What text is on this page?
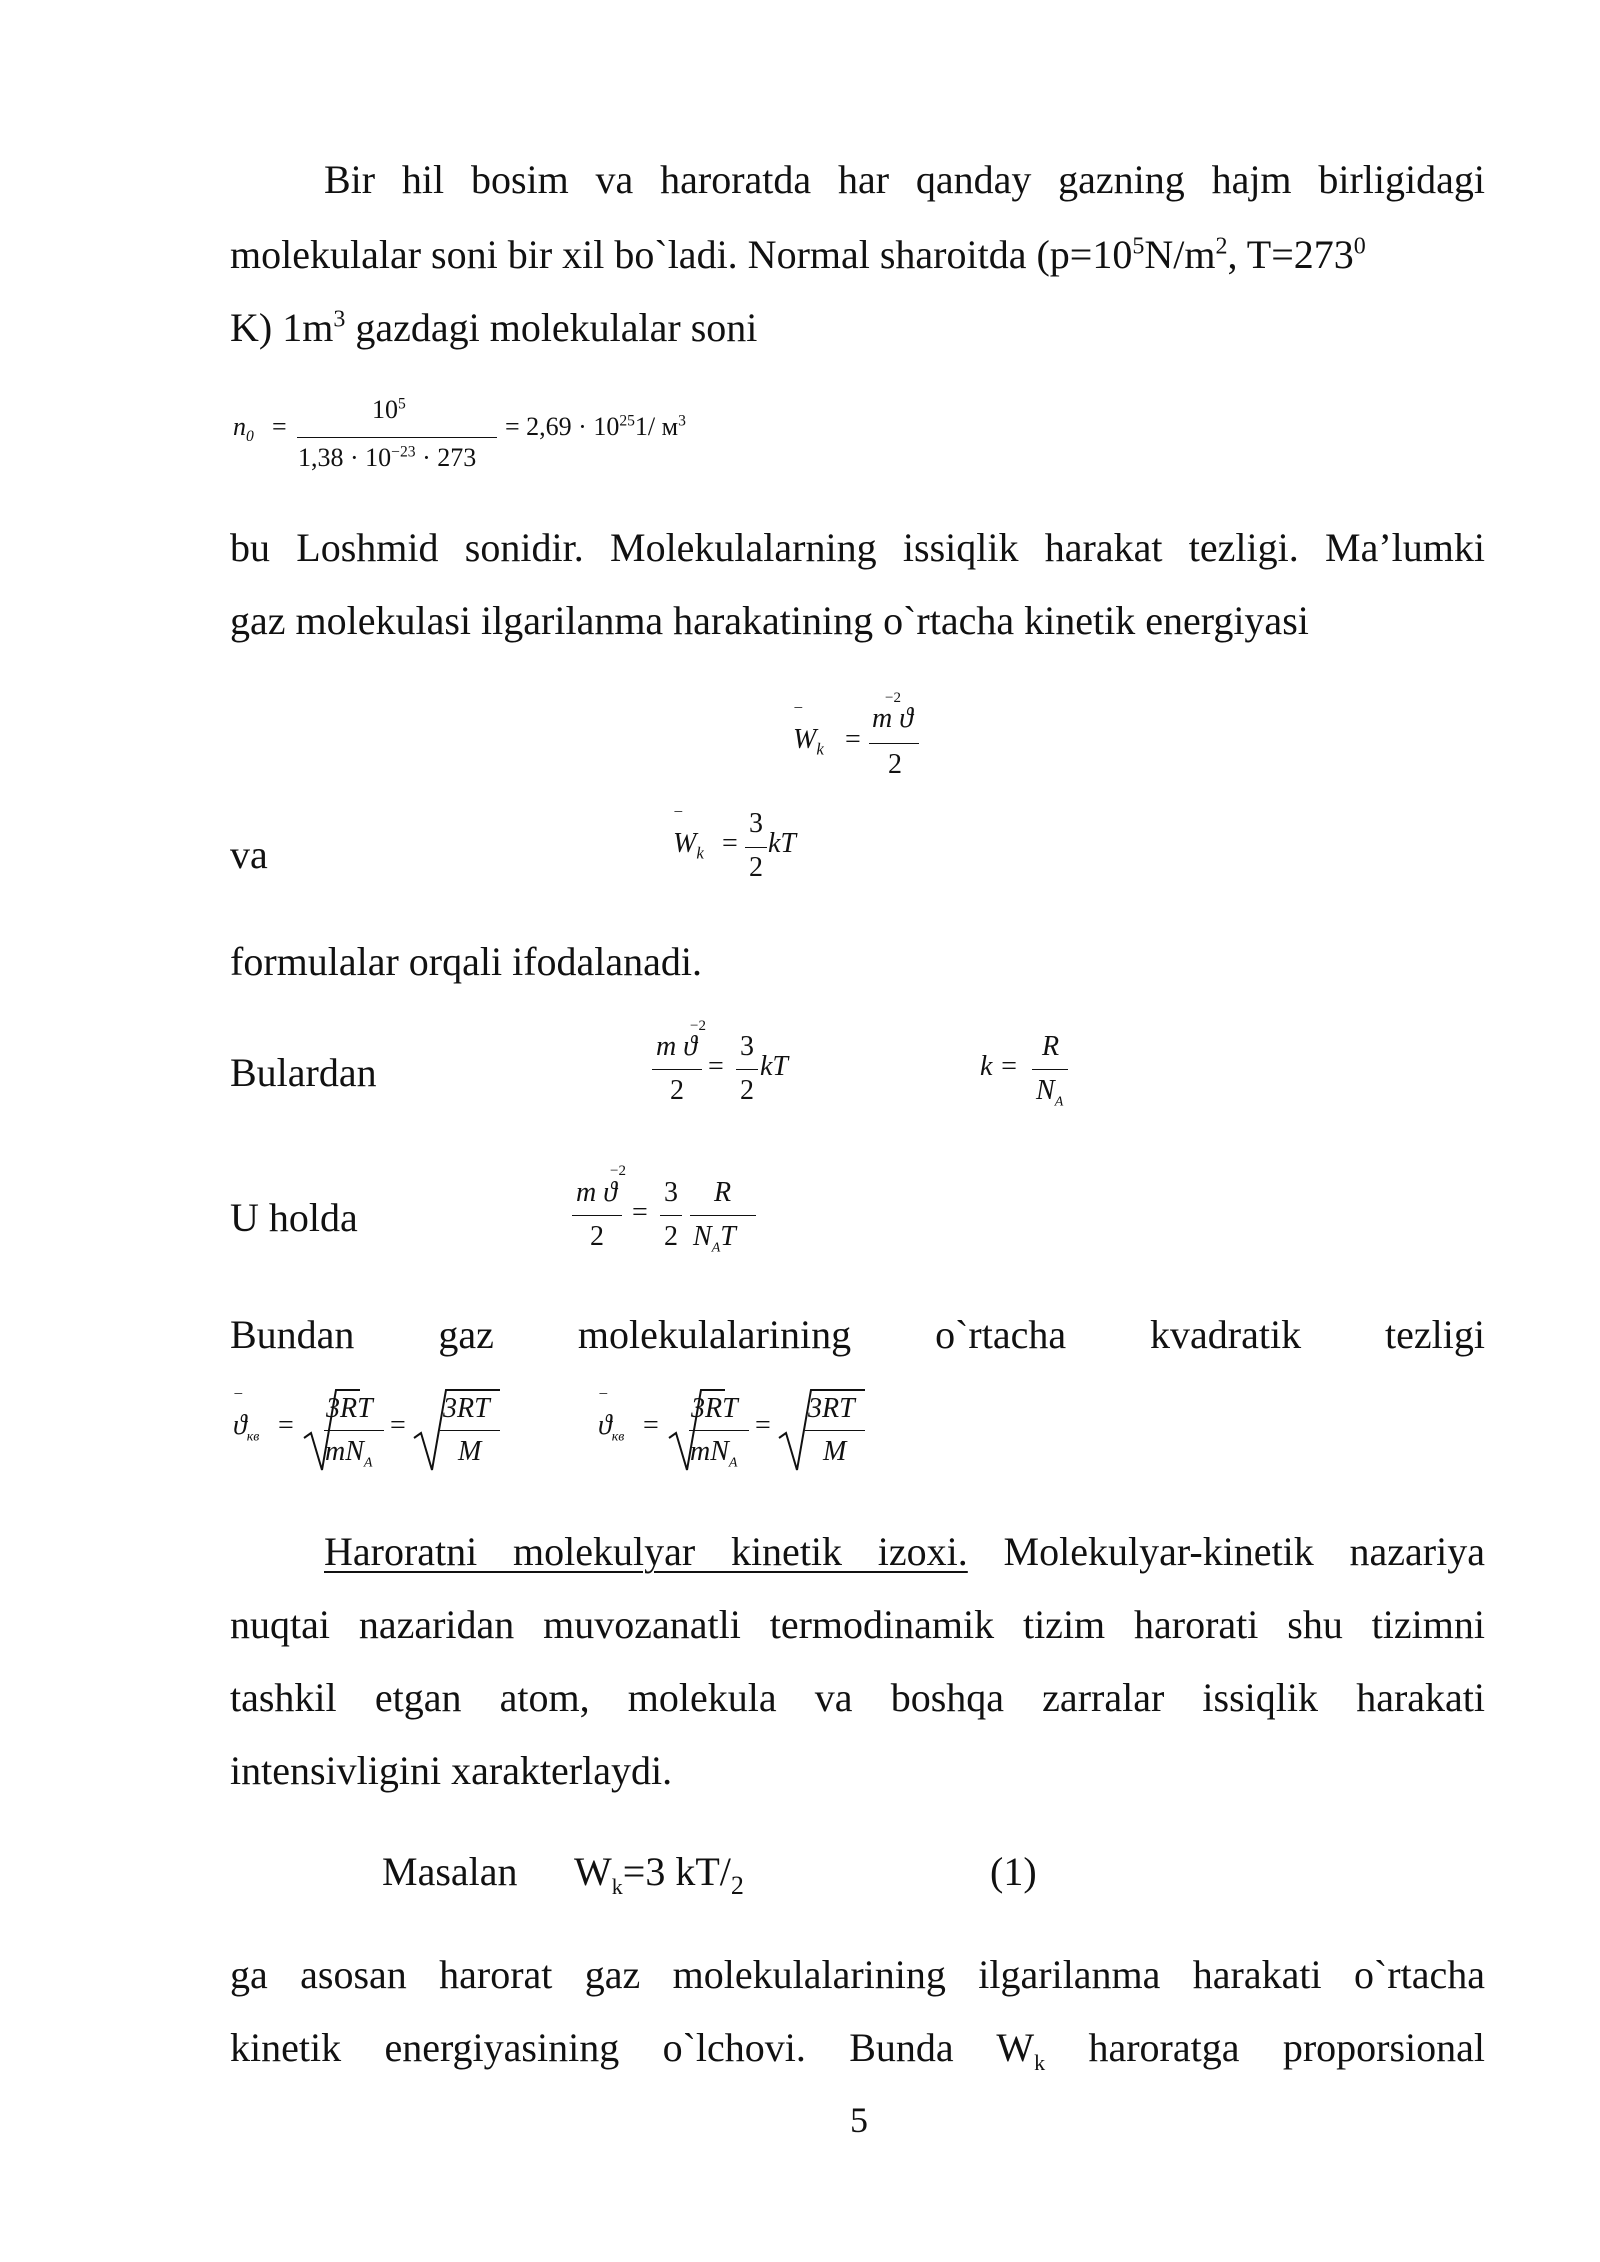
Bir hil bosim va haroratda har qanday gazning hajm birligidagi
molekulalar soni bir xil bo`ladi. Normal sharoitda ($p=10^5N/m^2$, $T=273^0$
K) $1m^3$ gazdagi molekulalar soni
$n_0$ =
$10^5$
$1,38 \cdot 10^{-23} \cdot 273$
= $2,69 \cdot 10^{25}1/$ $м^3$
bu Loshmid sonidir. Molekulalarning issiqlik harakat tezligi. Ma’lumki
gaz molekulasi ilgarilanma harakatining o`rtacha kinetik energiyasi
‾
$W_k$ =
−2
m ϑ
2
va
‾
$W_k$ =
3
2
kT
formulalar orqali ifodalanadi.
Bulardan
−2
m ϑ
2
=
3
2
kT	k =
R
$N_A$
U holda
−2
m ϑ
2
=
3
2
R
$N_AT$
Bundan gaz molekulalarining o`rtacha kvadratik tezligi
‾
$ϑ_{кв}$ =
3RT
$mN_A$
=
3RT
M
‾
$ϑ_{кв}$ =
3RT
$mN_A$
=
3RT
M
Haroratni molekulyar kinetik izoxi. Molekulyar-kinetik nazariya
nuqtai nazaridan muvozanatli termodinamik tizim harorati shu tizimni
tashkil etgan atom, molekula va boshqa zarralar issiqlik harakati
intensivligini xarakterlaydi.
Masalan $W_k=3$ $kT/_2$	(1)
ga asosan harorat gaz molekulalarining ilgarilanma harakati o`rtacha
kinetik energiyasining o`lchovi. Bunda $W_k$ haroratga proporsional
5
